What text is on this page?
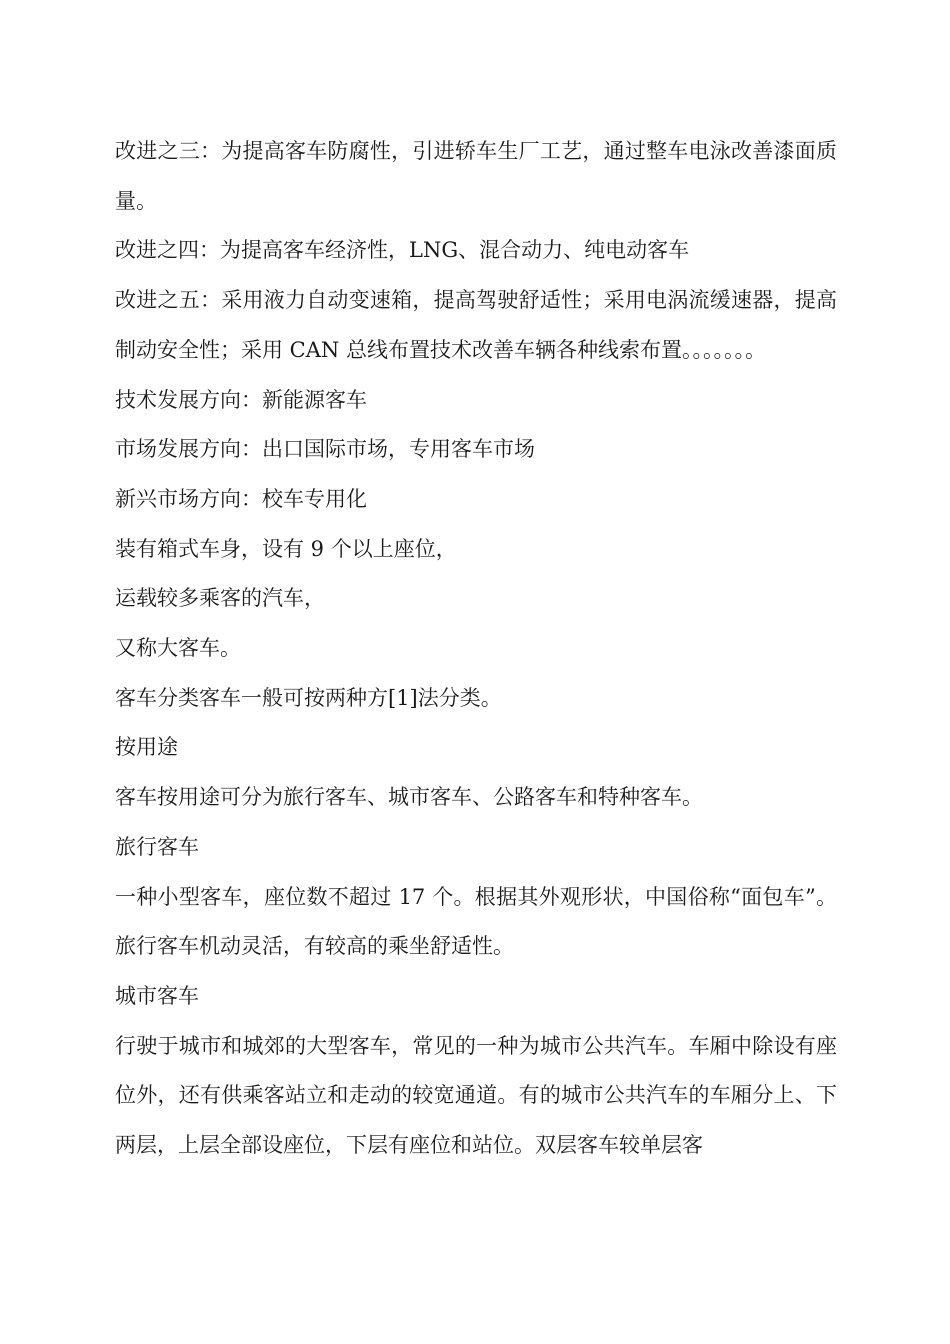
改进之三：为提高客车防腐性，引进轿车生厂工艺，通过整车电泳改善漆面质量。

改进之四：为提高客车经济性，LNG、混合动力、纯电动客车

改进之五：采用液力自动变速箱，提高驾驶舒适性；采用电涡流缓速器，提高制动安全性；采用 CAN 总线布置技术改善车辆各种线索布置。。。。。。。

技术发展方向：新能源客车

市场发展方向：出口国际市场，专用客车市场

新兴市场方向：校车专用化

装有箱式车身，设有 9 个以上座位，

运载较多乘客的汽车，

又称大客车。

客车分类客车一般可按两种方[1]法分类。

按用途

客车按用途可分为旅行客车、城市客车、公路客车和特种客车。

旅行客车

一种小型客车，座位数不超过 17 个。根据其外观形状，中国俗称“面包车”。旅行客车机动灵活，有较高的乘坐舒适性。

城市客车

行驶于城市和城郊的大型客车，常见的一种为城市公共汽车。车厢中除设有座位外，还有供乘客站立和走动的较宽通道。有的城市公共汽车的车厢分上、下两层，上层全部设座位，下层有座位和站位。双层客车较单层客
